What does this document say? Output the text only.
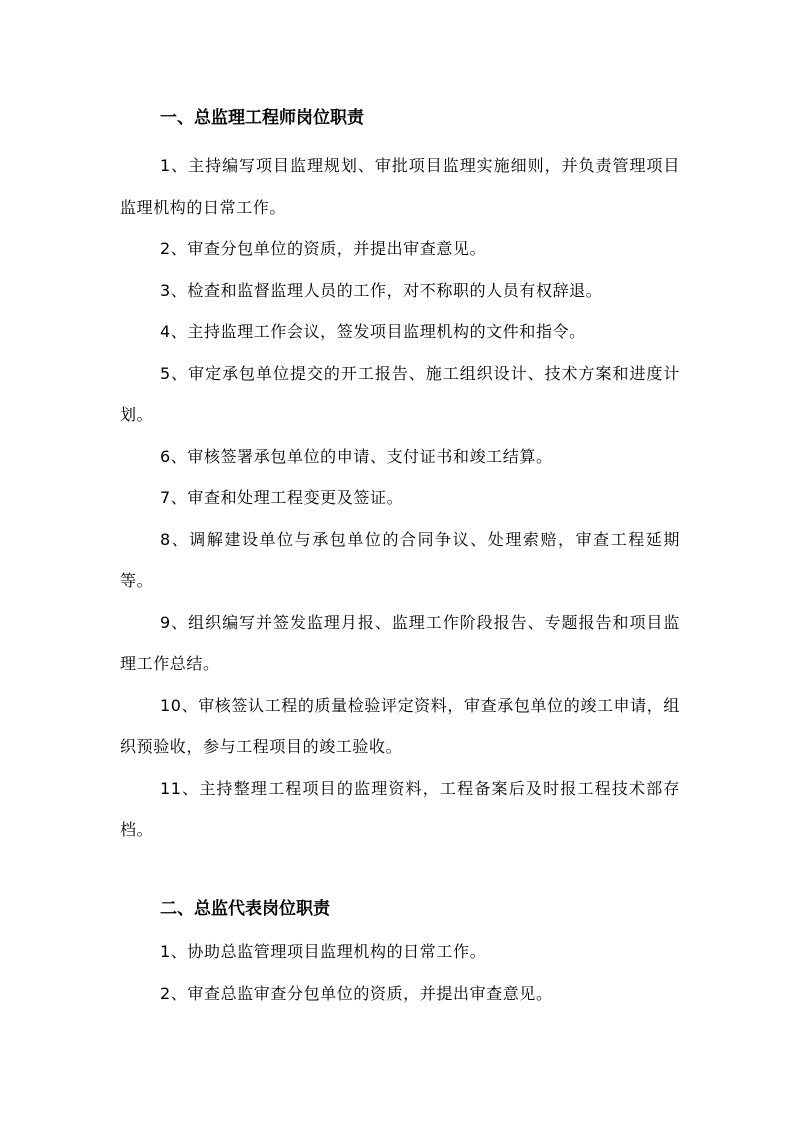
一、总监理工程师岗位职责

1、主持编写项目监理规划、审批项目监理实施细则，并负责管理项目监理机构的日常工作。

2、审查分包单位的资质，并提出审查意见。

3、检查和监督监理人员的工作，对不称职的人员有权辞退。

4、主持监理工作会议，签发项目监理机构的文件和指令。

5、审定承包单位提交的开工报告、施工组织设计、技术方案和进度计划。

6、审核签署承包单位的申请、支付证书和竣工结算。

7、审查和处理工程变更及签证。

8、调解建设单位与承包单位的合同争议、处理索赔，审查工程延期等。

9、组织编写并签发监理月报、监理工作阶段报告、专题报告和项目监理工作总结。

10、审核签认工程的质量检验评定资料，审查承包单位的竣工申请，组织预验收，参与工程项目的竣工验收。

11、主持整理工程项目的监理资料，工程备案后及时报工程技术部存档。

二、总监代表岗位职责

1、协助总监管理项目监理机构的日常工作。

2、审查总监审查分包单位的资质，并提出审查意见。
